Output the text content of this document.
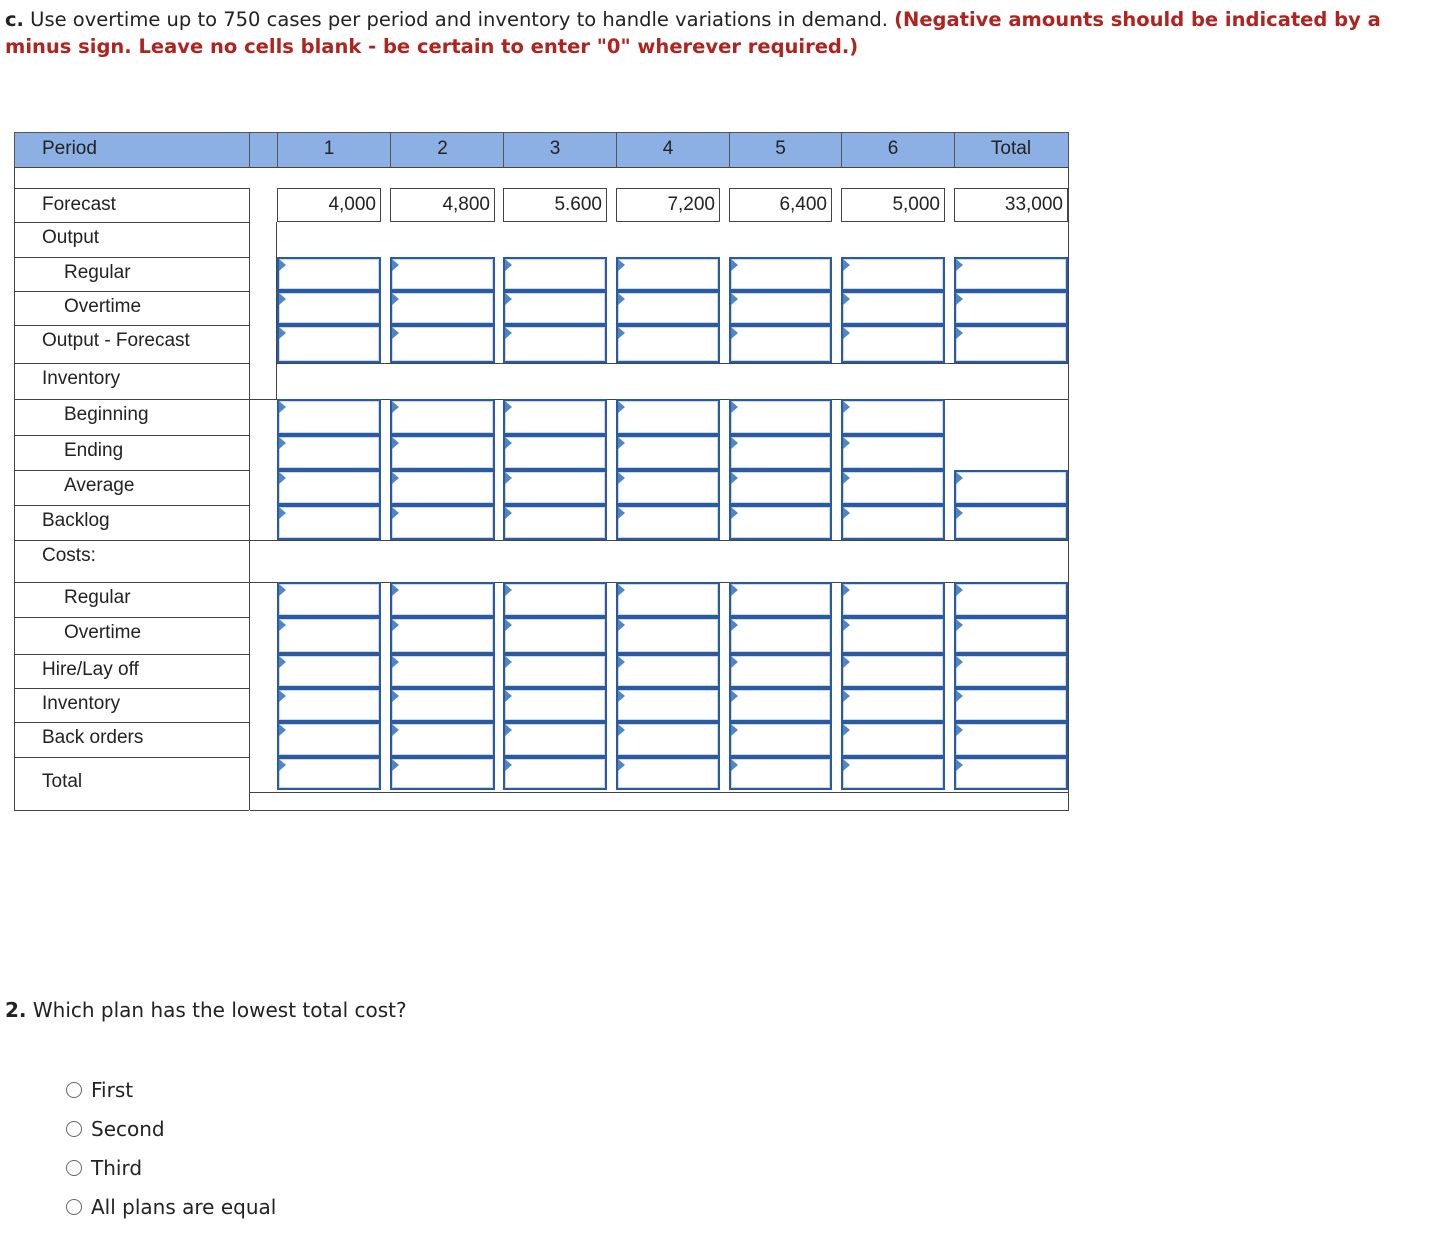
c. Use overtime up to 750 cases per period and inventory to handle variations in demand. (Negative amounts should be indicated by a minus sign. Leave no cells blank - be certain to enter "0" wherever required.)
Period	1	2	3	4	5	6	Total
Forecast	4,000	4,800	5.600	7,200	6,400	5,000	33,000
Output
Regular
Overtime
Output - Forecast
Inventory
Beginning
Ending
Average
Backlog
Costs:
Regular
Overtime
Hire/Lay off
Inventory
Back orders
Total
2. Which plan has the lowest total cost?
First
Second
Third
All plans are equal
